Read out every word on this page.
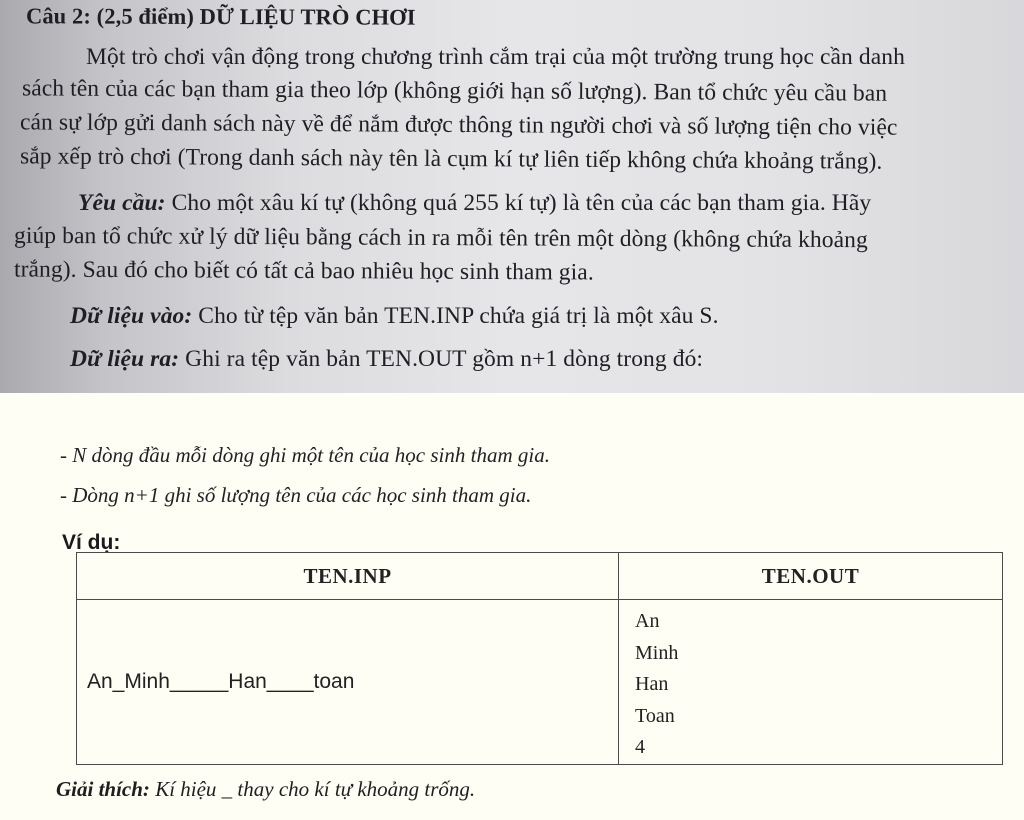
Câu 2: (2,5 điểm) DỮ LIỆU TRÒ CHƠI
Một trò chơi vận động trong chương trình cắm trại của một trường trung học cần danh
sách tên của các bạn tham gia theo lớp (không giới hạn số lượng). Ban tổ chức yêu cầu ban
cán sự lớp gửi danh sách này về để nắm được thông tin người chơi và số lượng tiện cho việc
sắp xếp trò chơi (Trong danh sách này tên là cụm kí tự liên tiếp không chứa khoảng trắng).
Yêu cầu: Cho một xâu kí tự (không quá 255 kí tự) là tên của các bạn tham gia. Hãy
giúp ban tổ chức xử lý dữ liệu bằng cách in ra mỗi tên trên một dòng (không chứa khoảng
trắng). Sau đó cho biết có tất cả bao nhiêu học sinh tham gia.
Dữ liệu vào: Cho từ tệp văn bản TEN.INP chứa giá trị là một xâu S.
Dữ liệu ra: Ghi ra tệp văn bản TEN.OUT gồm n+1 dòng trong đó:
- N dòng đầu mỗi dòng ghi một tên của học sinh tham gia.
- Dòng n+1 ghi số lượng tên của các học sinh tham gia.
Ví dụ:
TEN.INP	TEN.OUT
An_Minh_____Han____toan	An
Minh
Han
Toan
4
Giải thích: Kí hiệu _ thay cho kí tự khoảng trống.
